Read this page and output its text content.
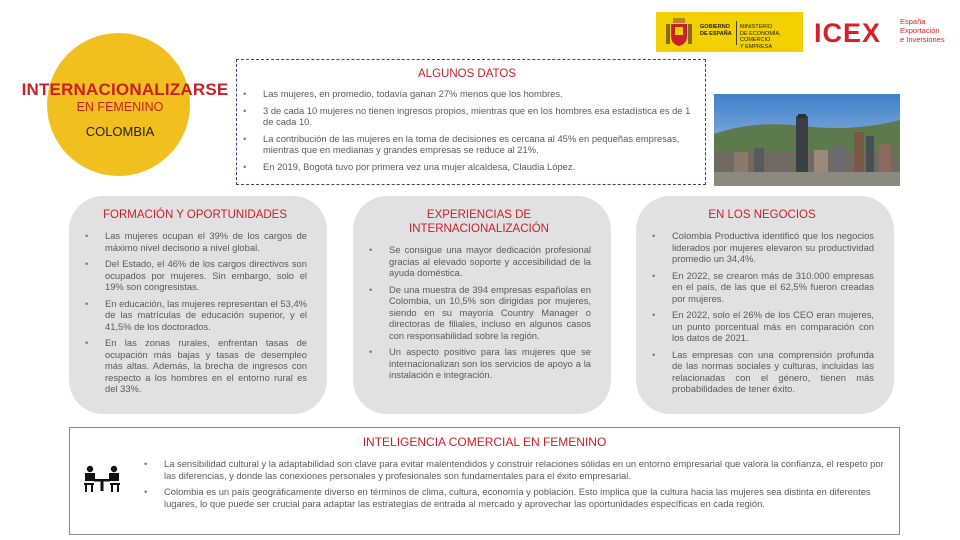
INTERNACIONALIZARSE
EN FEMENINO
COLOMBIA
GOBIERNO
DE ESPAÑA
MINISTERIO
DE ECONOMÍA, COMERCIO
Y EMPRESA	ICEX	España
Exportación
e Inversiones
ALGUNOS DATOS
• Las mujeres, en promedio, todavía ganan 27% menos que los hombres.
• 3 de cada 10 mujeres no tienen ingresos propios, mientras que en los hombres esa estadística es de 1 de cada 10.
• La contribución de las mujeres en la toma de decisiones es cercana al 45% en pequeñas empresas, mientras que en medianas y grandes empresas se reduce al 21%.
• En 2019, Bogotá tuvo por primera vez una mujer alcaldesa, Claudia López.
FORMACIÓN Y OPORTUNIDADES
• Las mujeres ocupan el 39% de los cargos de máximo nivel decisorio a nivel global.
• Del Estado, el 46% de los cargos directivos son ocupados por mujeres. Sin embargo, solo el 19% son congresistas.
• En educación, las mujeres representan el 53,4% de las matrículas de educación superior, y el 41,5% de los doctorados.
• En las zonas rurales, enfrentan tasas de ocupación más bajas y tasas de desempleo más altas. Además, la brecha de ingresos con respecto a los hombres en el entorno rural es del 33%.
EXPERIENCIAS DE INTERNACIONALIZACIÓN
• Se consigue una mayor dedicación profesional gracias al elevado soporte y accesibilidad de la ayuda doméstica.
• De una muestra de 394 empresas españolas en Colombia, un 10,5% son dirigidas por mujeres, siendo en su mayoría Country Manager o directoras de filiales, incluso en algunos casos con responsabilidad sobre la región.
• Un aspecto positivo para las mujeres que se internacionalizan son los servicios de apoyo a la instalación e integración.
EN LOS NEGOCIOS
• Colombia Productiva identificó que los negocios liderados por mujeres elevaron su productividad promedio un 34,4%.
• En 2022, se crearon más de 310.000 empresas en el país, de las que el 62,5% fueron creadas por mujeres.
• En 2022, solo el 26% de los CEO eran mujeres, un punto porcentual más en comparación con los datos de 2021.
• Las empresas con una comprensión profunda de las normas sociales y culturas, incluidas las relacionadas con el género, tienen más probabilidades de tener éxito.
INTELIGENCIA COMERCIAL EN FEMENINO
• La sensibilidad cultural y la adaptabilidad son clave para evitar malentendidos y construir relaciones sólidas en un entorno empresarial que valora la confianza, el respeto por las diferencias, y donde las conexiones personales y profesionales son fundamentales para el éxito empresarial.
• Colombia es un país geográficamente diverso en términos de clima, cultura, economía y población. Esto implica que la cultura hacia las mujeres sea distinta en diferentes lugares, lo que puede ser crucial para adaptar las estrategias de entrada al mercado y aprovechar las oportunidades específicas en cada región.
